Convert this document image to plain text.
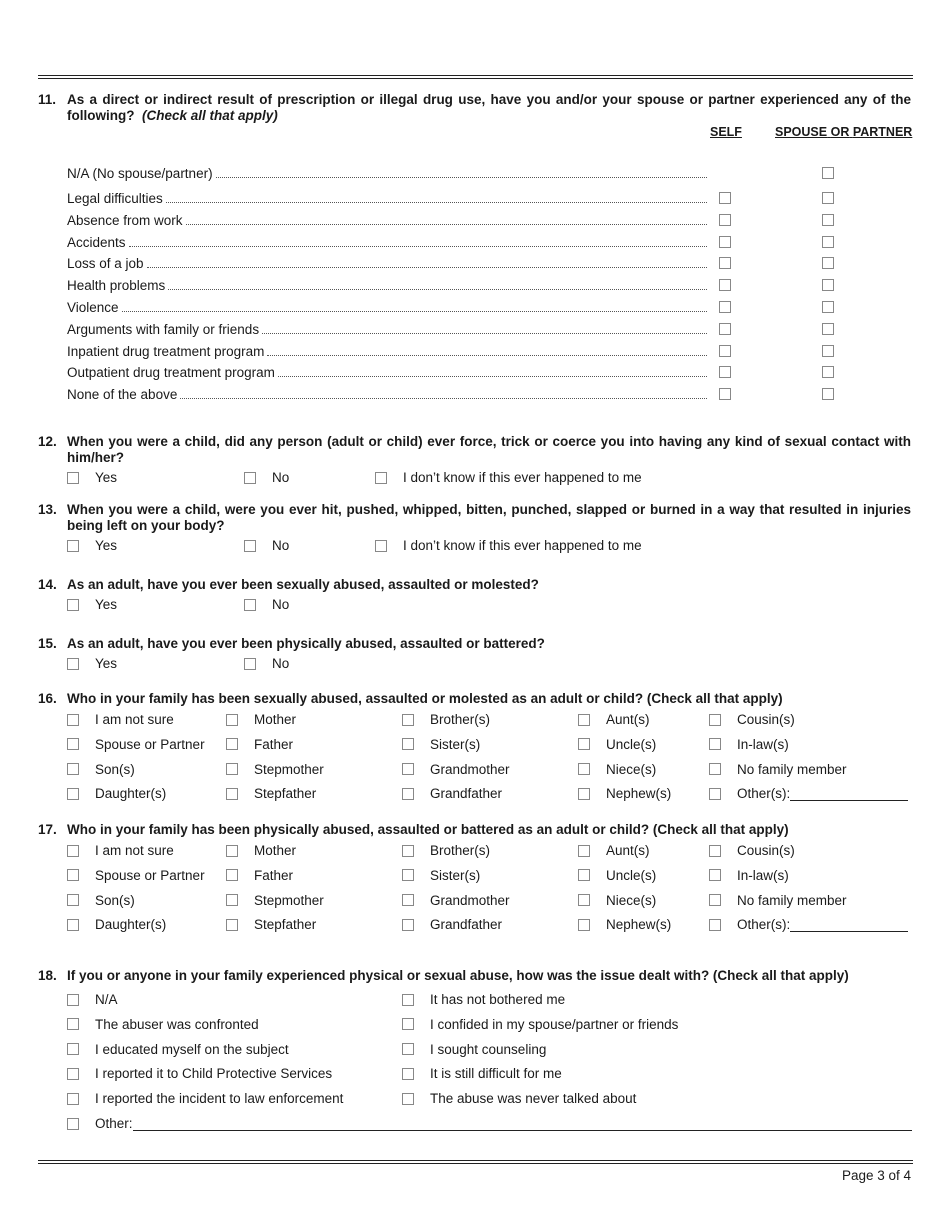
11. As a direct or indirect result of prescription or illegal drug use, have you and/or your spouse or partner experienced any of the following? (Check all that apply)
SELF	SPOUSE OR PARTNER
N/A (No spouse/partner)
Legal difficulties
Absence from work
Accidents
Loss of a job
Health problems
Violence
Arguments with family or friends
Inpatient drug treatment program
Outpatient drug treatment program
None of the above
12. When you were a child, did any person (adult or child) ever force, trick or coerce you into having any kind of sexual contact with him/her?
Yes	No	I don’t know if this ever happened to me
13. When you were a child, were you ever hit, pushed, whipped, bitten, punched, slapped or burned in a way that resulted in injuries being left on your body?
Yes	No	I don’t know if this ever happened to me
14. As an adult, have you ever been sexually abused, assaulted or molested?
Yes	No
15. As an adult, have you ever been physically abused, assaulted or battered?
Yes	No
16. Who in your family has been sexually abused, assaulted or molested as an adult or child? (Check all that apply)
I am not sure	Mother	Brother(s)	Aunt(s)	Cousin(s)
Spouse or Partner	Father	Sister(s)	Uncle(s)	In-law(s)
Son(s)	Stepmother	Grandmother	Niece(s)	No family member
Daughter(s)	Stepfather	Grandfather	Nephew(s)	Other(s):
17. Who in your family has been physically abused, assaulted or battered as an adult or child? (Check all that apply)
I am not sure	Mother	Brother(s)	Aunt(s)	Cousin(s)
Spouse or Partner	Father	Sister(s)	Uncle(s)	In-law(s)
Son(s)	Stepmother	Grandmother	Niece(s)	No family member
Daughter(s)	Stepfather	Grandfather	Nephew(s)	Other(s):
18. If you or anyone in your family experienced physical or sexual abuse, how was the issue dealt with? (Check all that apply)
N/A
The abuser was confronted
I educated myself on the subject
I reported it to Child Protective Services
I reported the incident to law enforcement
It has not bothered me
I confided in my spouse/partner or friends
I sought counseling
It is still difficult for me
The abuse was never talked about
Other:
Page 3 of 4
